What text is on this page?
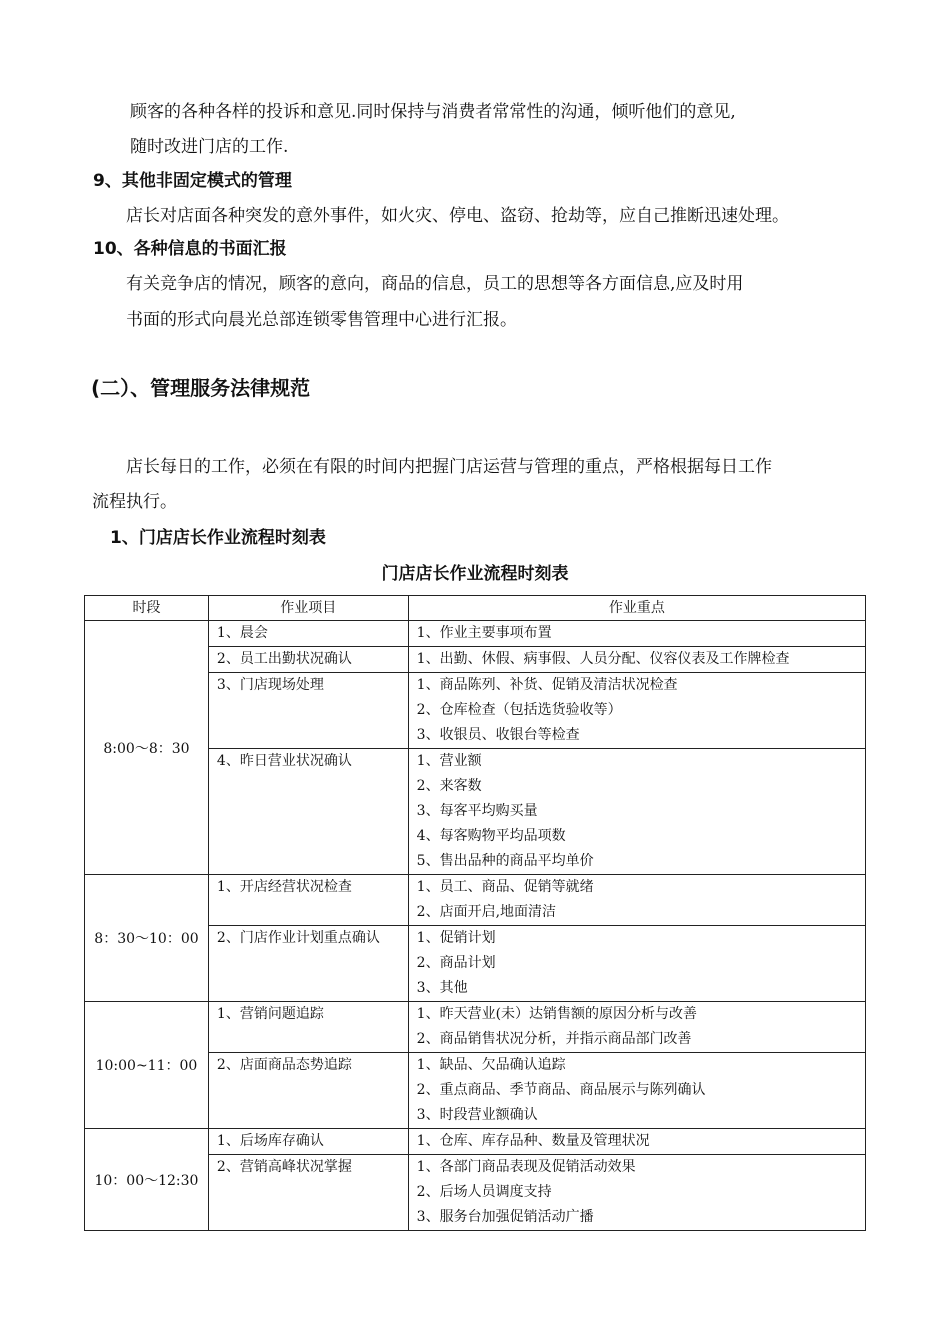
顾客的各种各样的投诉和意见.同时保持与消费者常常性的沟通，倾听他们的意见,
随时改进门店的工作.
9、其他非固定模式的管理
店长对店面各种突发的意外事件，如火灾、停电、盗窃、抢劫等，应自己推断迅速处理。
10、各种信息的书面汇报
有关竞争店的情况，顾客的意向，商品的信息，员工的思想等各方面信息,应及时用
书面的形式向晨光总部连锁零售管理中心进行汇报。
(二）、管理服务法律规范
店长每日的工作，必须在有限的时间内把握门店运营与管理的重点，严格根据每日工作
流程执行。
1、门店店长作业流程时刻表
门店店长作业流程时刻表
时段	作业项目	作业重点
8:00～8：30	1、晨会	1、作业主要事项布置

	2、员工出勤状况确认	1、出勤、休假、病事假、人员分配、仪容仪表及工作牌检查

	3、门店现场处理	1、商品陈列、补货、促销及清洁状况检查
2、仓库检查（包括选货验收等）
3、收银员、收银台等检查

	4、昨日营业状况确认	1、营业额
2、来客数
3、每客平均购买量
4、每客购物平均品项数
5、售出品种的商品平均单价

8：30～10：00	1、开店经营状况检查	1、员工、商品、促销等就绪
2、店面开启,地面清洁

	2、门店作业计划重点确认	1、促销计划
2、商品计划
3、其他

10:00~11：00	1、营销问题追踪	1、昨天营业(未）达销售额的原因分析与改善
2、商品销售状况分析，并指示商品部门改善

	2、店面商品态势追踪	1、缺品、欠品确认追踪
2、重点商品、季节商品、商品展示与陈列确认
3、时段营业额确认

10：00～12:30	1、后场库存确认	1、仓库、库存品种、数量及管理状况

	2、营销高峰状况掌握	1、各部门商品表现及促销活动效果
2、后场人员调度支持
3、服务台加强促销活动广播
